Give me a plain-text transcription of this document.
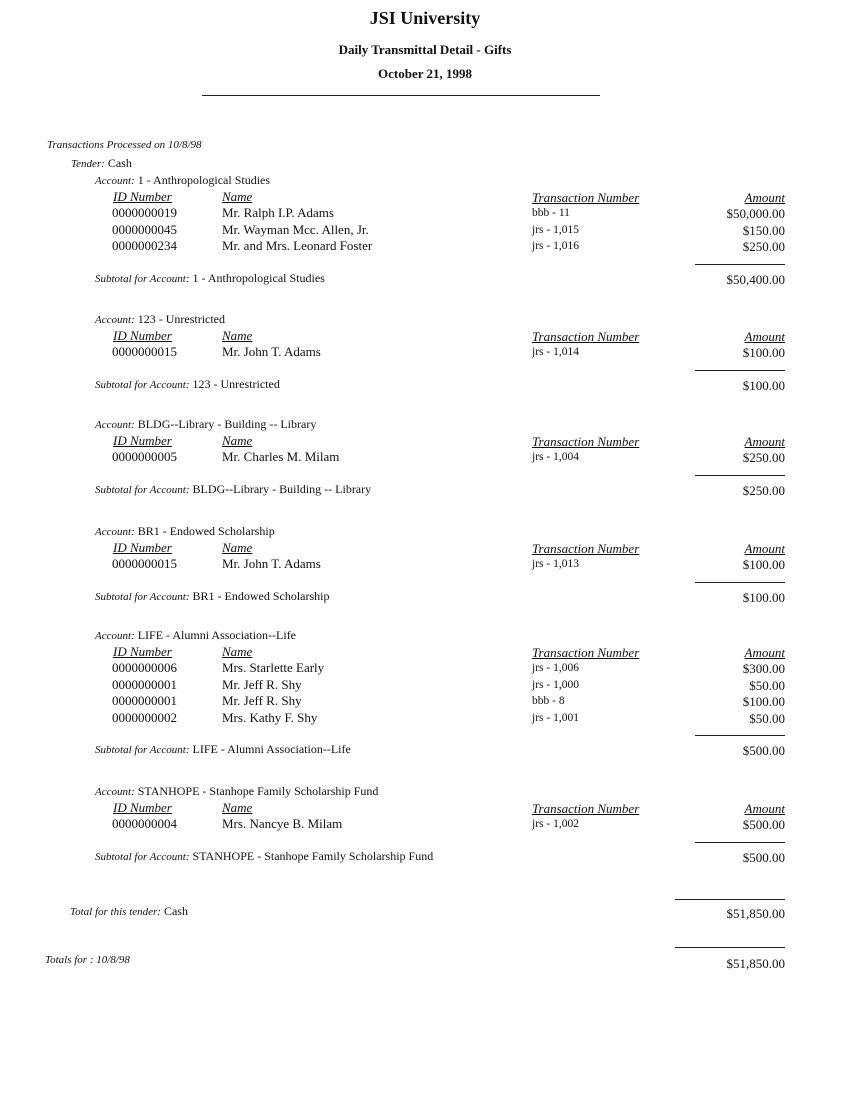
JSI University
Daily Transmittal Detail - Gifts
October 21, 1998
Transactions Processed on 10/8/98
Tender: Cash
Account: 1 - Anthropological Studies
ID Number	Name	Transaction Number	Amount
0000000019	Mr. Ralph I.P. Adams	bbb - 11	$50,000.00
0000000045	Mr. Wayman Mcc. Allen, Jr.	jrs - 1,015	$150.00
0000000234	Mr. and Mrs. Leonard Foster	jrs - 1,016	$250.00
Subtotal for Account: 1 - Anthropological Studies	$50,400.00
Account: 123 - Unrestricted
ID Number	Name	Transaction Number	Amount
0000000015	Mr. John T. Adams	jrs - 1,014	$100.00
Subtotal for Account: 123 - Unrestricted	$100.00
Account: BLDG--Library - Building -- Library
ID Number	Name	Transaction Number	Amount
0000000005	Mr. Charles M. Milam	jrs - 1,004	$250.00
Subtotal for Account: BLDG--Library - Building -- Library	$250.00
Account: BR1 - Endowed Scholarship
ID Number	Name	Transaction Number	Amount
0000000015	Mr. John T. Adams	jrs - 1,013	$100.00
Subtotal for Account: BR1 - Endowed Scholarship	$100.00
Account: LIFE - Alumni Association--Life
ID Number	Name	Transaction Number	Amount
0000000006	Mrs. Starlette Early	jrs - 1,006	$300.00
0000000001	Mr. Jeff R. Shy	jrs - 1,000	$50.00
0000000001	Mr. Jeff R. Shy	bbb - 8	$100.00
0000000002	Mrs. Kathy F. Shy	jrs - 1,001	$50.00
Subtotal for Account: LIFE - Alumni Association--Life	$500.00
Account: STANHOPE - Stanhope Family Scholarship Fund
ID Number	Name	Transaction Number	Amount
0000000004	Mrs. Nancye B. Milam	jrs - 1,002	$500.00
Subtotal for Account: STANHOPE - Stanhope Family Scholarship Fund	$500.00
Total for this tender: Cash	$51,850.00
Totals for : 10/8/98	$51,850.00
